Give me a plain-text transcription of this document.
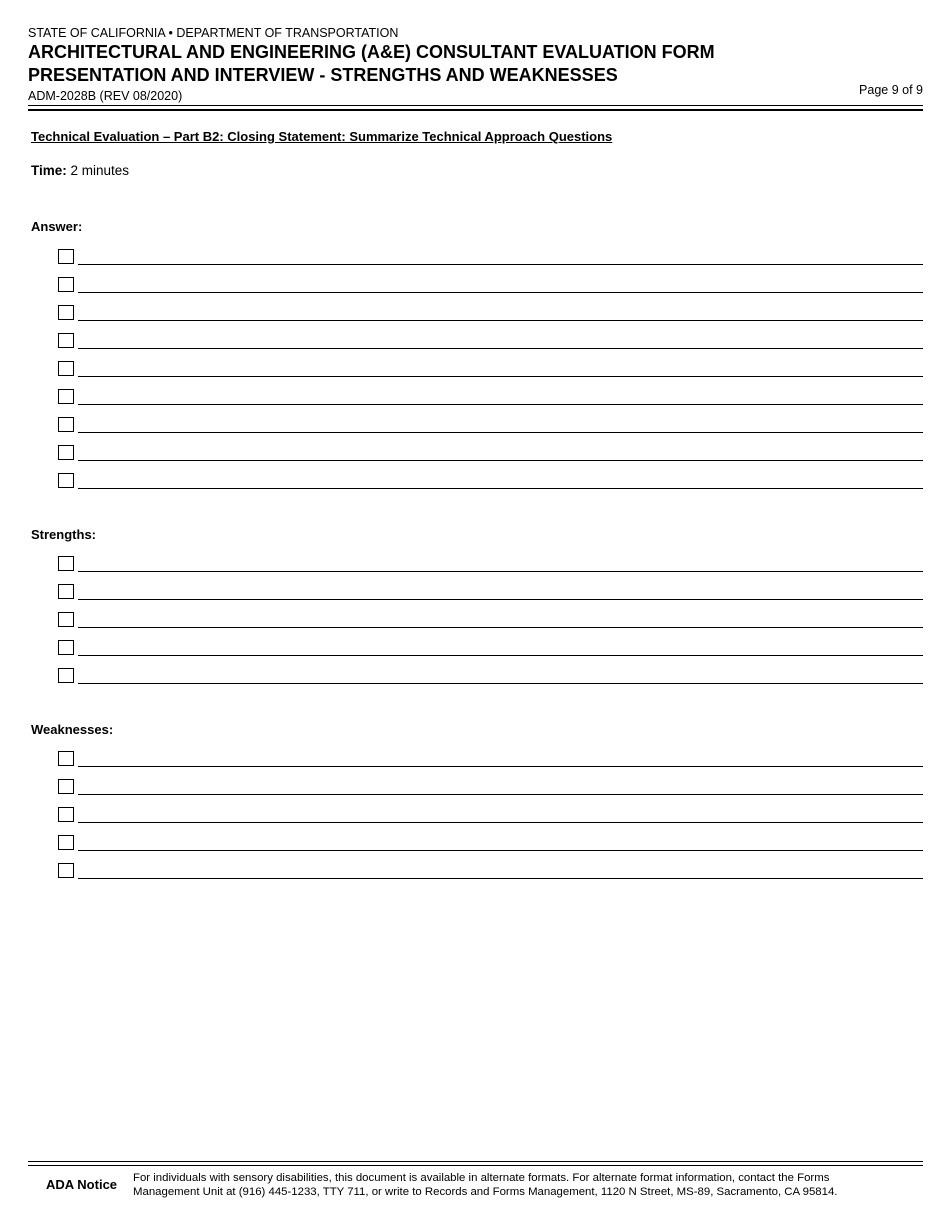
STATE OF CALIFORNIA • DEPARTMENT OF TRANSPORTATION
ARCHITECTURAL AND ENGINEERING (A&E) CONSULTANT EVALUATION FORM
PRESENTATION AND INTERVIEW - STRENGTHS AND WEAKNESSES
ADM-2028B (REV 08/2020)	Page 9 of 9
Technical Evaluation – Part B2: Closing Statement: Summarize Technical Approach Questions
Time: 2 minutes
Answer:
Strengths:
Weaknesses:
ADA Notice For individuals with sensory disabilities, this document is available in alternate formats. For alternate format information, contact the Forms
Management Unit at (916) 445-1233, TTY 711, or write to Records and Forms Management, 1120 N Street, MS-89, Sacramento, CA 95814.
